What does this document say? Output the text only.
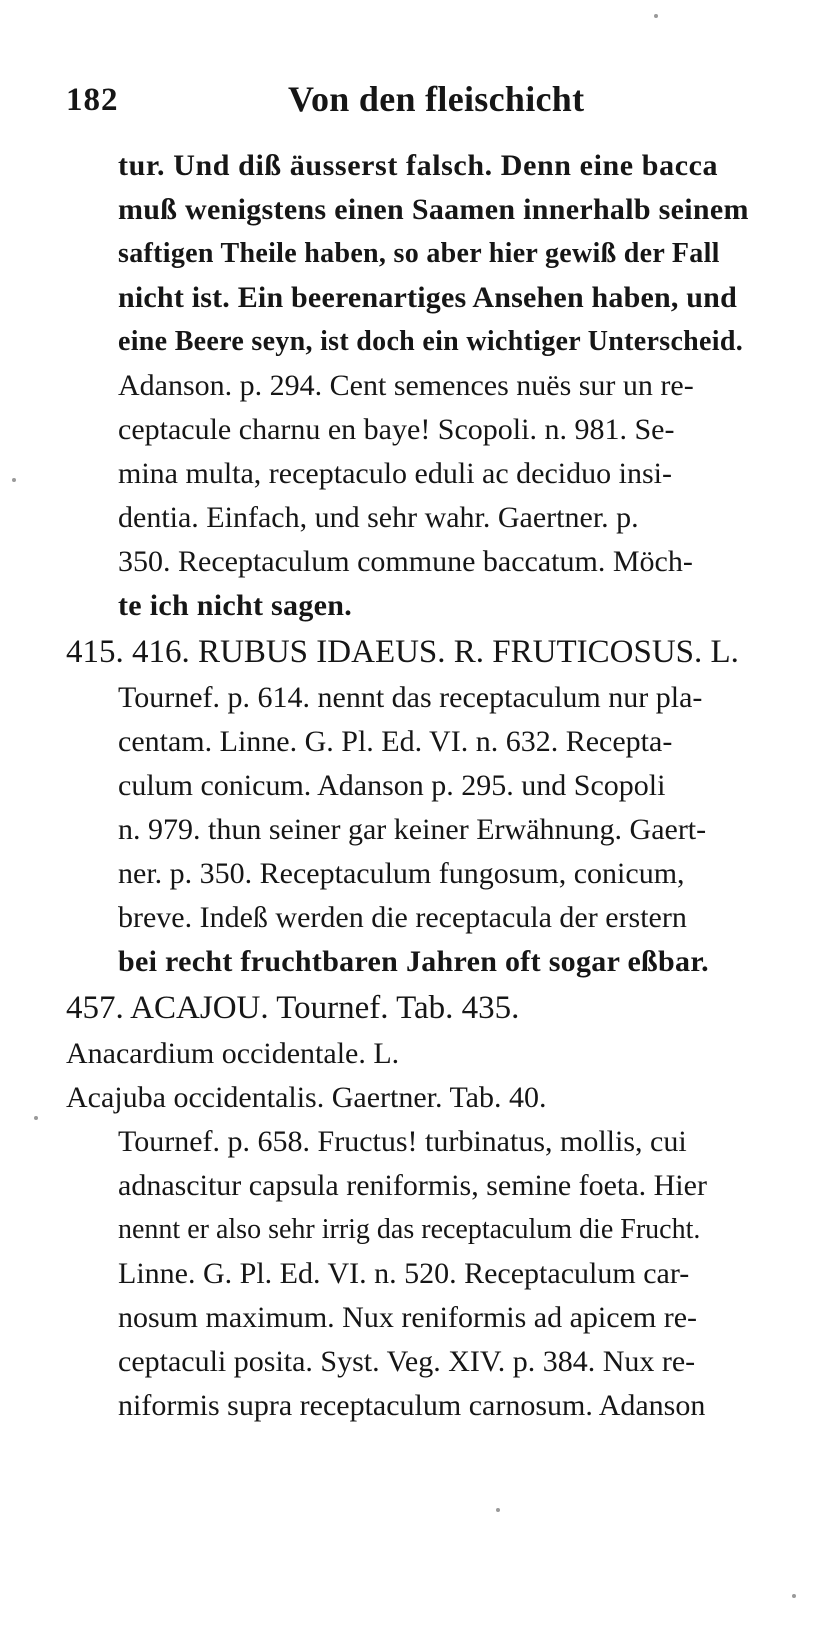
182	Von den fleischicht
tur. Und diß äusserst falsch. Denn eine bacca
muß wenigstens einen Saamen innerhalb seinem
saftigen Theile haben, so aber hier gewiß der Fall
nicht ist. Ein beerenartiges Ansehen haben, und
eine Beere seyn, ist doch ein wichtiger Unterscheid.
Adanson. p. 294. Cent semences nuës sur un re-
ceptacule charnu en baye! Scopoli. n. 981. Se-
mina multa, receptaculo eduli ac deciduo insi-
dentia. Einfach, und sehr wahr. Gaertner. p.
350. Receptaculum commune baccatum. Möch-
te ich nicht sagen.
415. 416. RUBUS IDAEUS. R. FRUTICOSUS. L.
Tournef. p. 614. nennt das receptaculum nur pla-
centam. Linne. G. Pl. Ed. VI. n. 632. Recepta-
culum conicum. Adanson p. 295. und Scopoli
n. 979. thun seiner gar keiner Erwähnung. Gaert-
ner. p. 350. Receptaculum fungosum, conicum,
breve. Indeß werden die receptacula der erstern
bei recht fruchtbaren Jahren oft sogar eßbar.
457. ACAJOU. Tournef. Tab. 435.
Anacardium occidentale. L.
Acajuba occidentalis. Gaertner. Tab. 40.
Tournef. p. 658. Fructus! turbinatus, mollis, cui
adnascitur capsula reniformis, semine foeta. Hier
nennt er also sehr irrig das receptaculum die Frucht.
Linne. G. Pl. Ed. VI. n. 520. Receptaculum car-
nosum maximum. Nux reniformis ad apicem re-
ceptaculi posita. Syst. Veg. XIV. p. 384. Nux re-
niformis supra receptaculum carnosum. Adanson
